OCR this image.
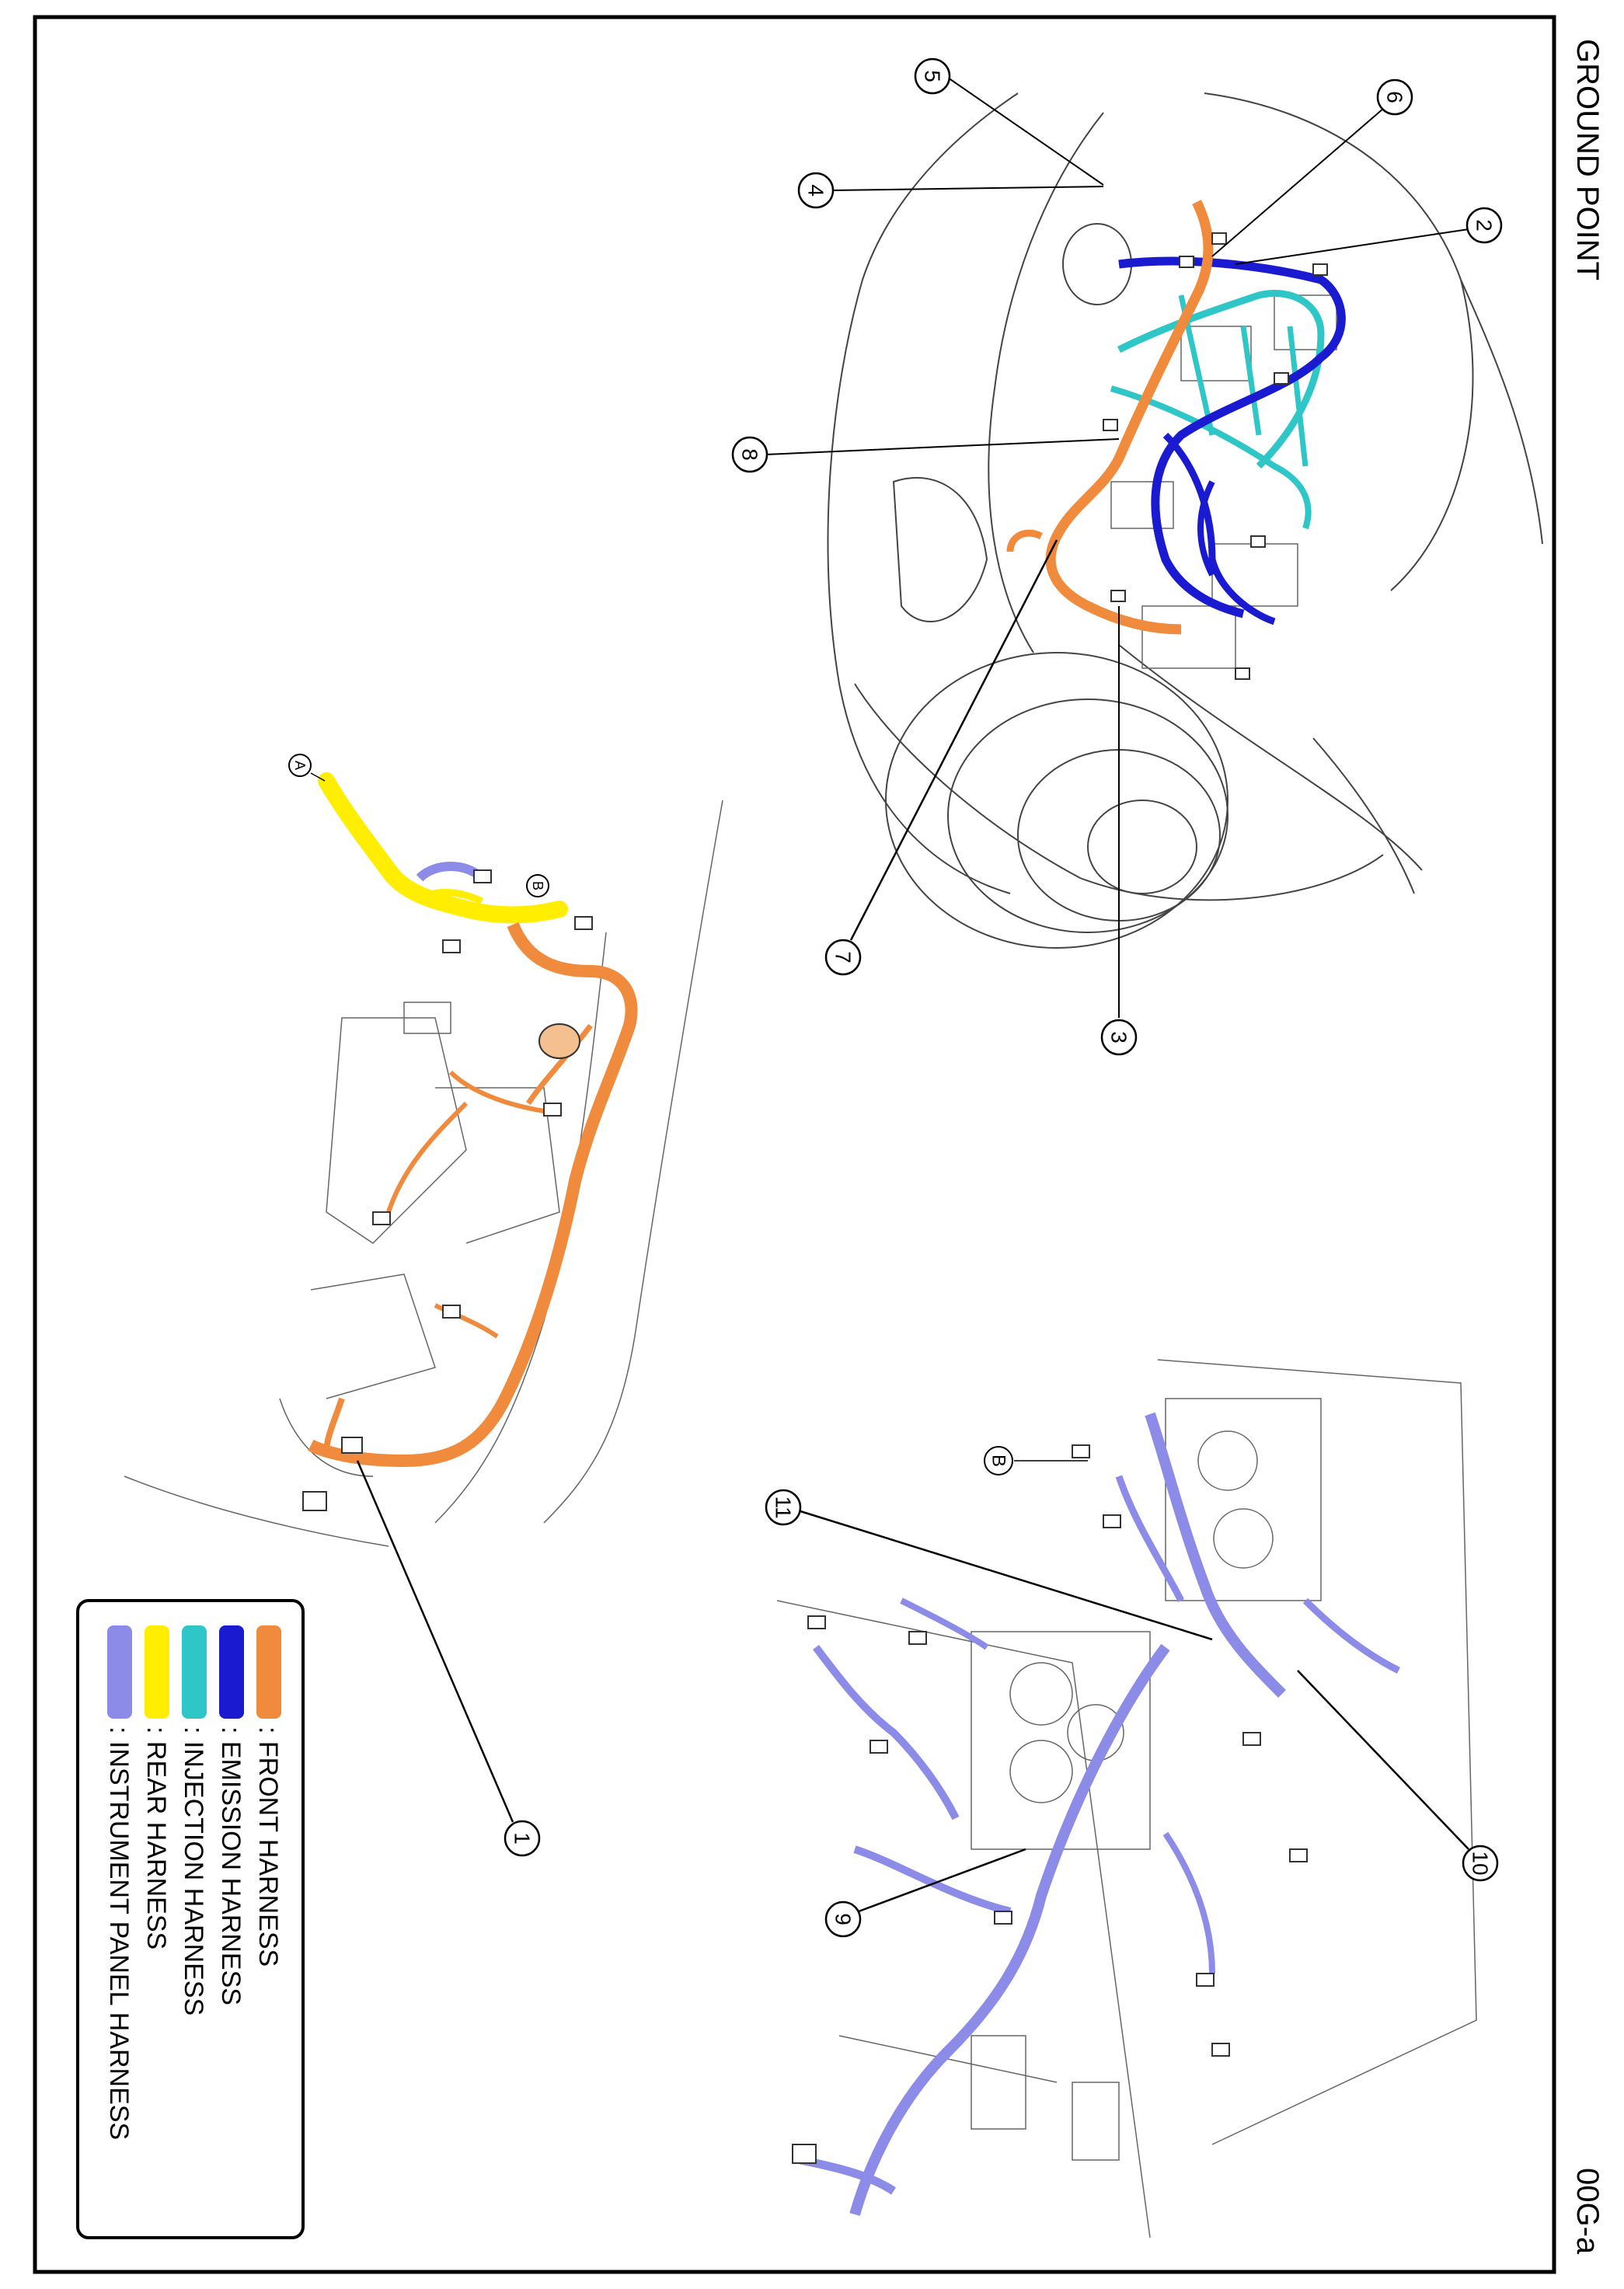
GROUND POINT
00G-a
5
6
4
2
8
7
3
1
11
10
9
A
B
B
: FRONT HARNESS
: EMISSION HARNESS
: INJECTION HARNESS
: REAR HARNESS
: INSTRUMENT PANEL HARNESS
